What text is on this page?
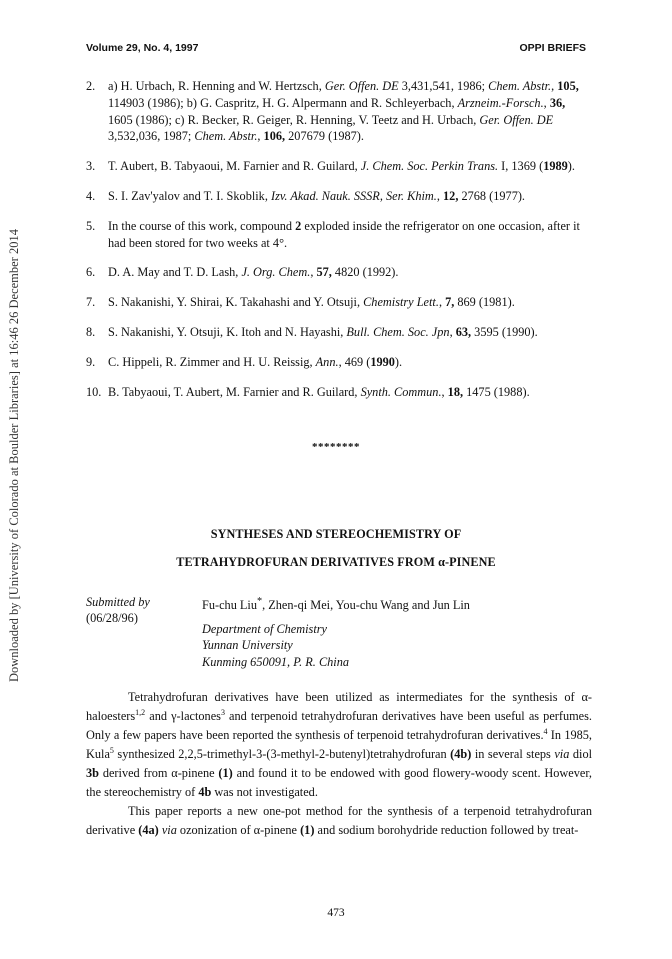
Downloaded by [University of Colorado at Boulder Libraries] at 16:46 26 December 2014
Volume 29, No. 4, 1997	OPPI BRIEFS
2. a) H. Urbach, R. Henning and W. Hertzsch, Ger. Offen. DE 3,431,541, 1986; Chem. Abstr., 105, 114903 (1986); b) G. Caspritz, H. G. Alpermann and R. Schleyerbach, Arzneim.-Forsch., 36, 1605 (1986); c) R. Becker, R. Geiger, R. Henning, V. Teetz and H. Urbach, Ger. Offen. DE 3,532,036, 1987; Chem. Abstr., 106, 207679 (1987).
3. T. Aubert, B. Tabyaoui, M. Farnier and R. Guilard, J. Chem. Soc. Perkin Trans. I, 1369 (1989).
4. S. I. Zav'yalov and T. I. Skoblik, Izv. Akad. Nauk. SSSR, Ser. Khim., 12, 2768 (1977).
5. In the course of this work, compound 2 exploded inside the refrigerator on one occasion, after it had been stored for two weeks at 4°.
6. D. A. May and T. D. Lash, J. Org. Chem., 57, 4820 (1992).
7. S. Nakanishi, Y. Shirai, K. Takahashi and Y. Otsuji, Chemistry Lett., 7, 869 (1981).
8. S. Nakanishi, Y. Otsuji, K. Itoh and N. Hayashi, Bull. Chem. Soc. Jpn, 63, 3595 (1990).
9. C. Hippeli, R. Zimmer and H. U. Reissig, Ann., 469 (1990).
10. B. Tabyaoui, T. Aubert, M. Farnier and R. Guilard, Synth. Commun., 18, 1475 (1988).
********
SYNTHESES AND STEREOCHEMISTRY OF
TETRAHYDROFURAN DERIVATIVES FROM α-PINENE
Submitted by
(06/28/96)
Fu-chu Liu*, Zhen-qi Mei, You-chu Wang and Jun Lin
Department of Chemistry
Yunnan University
Kunming 650091, P. R. China

Tetrahydrofuran derivatives have been utilized as intermediates for the synthesis of α-haloesters$^{1,2}$ and γ-lactones$^3$ and terpenoid tetrahydrofuran derivatives have been useful as perfumes. Only a few papers have been reported the synthesis of terpenoid tetrahydrofuran derivatives.$^4$ In 1985, Kula$^5$ synthesized 2,2,5-trimethyl-3-(3-methyl-2-butenyl)tetrahydrofuran (4b) in several steps via diol 3b derived from α-pinene (1) and found it to be endowed with good flowery-woody scent. However, the stereochemistry of 4b was not investigated.

This paper reports a new one-pot method for the synthesis of a terpenoid tetrahydrofuran derivative (4a) via ozonization of α-pinene (1) and sodium borohydride reduction followed by treat-

473
